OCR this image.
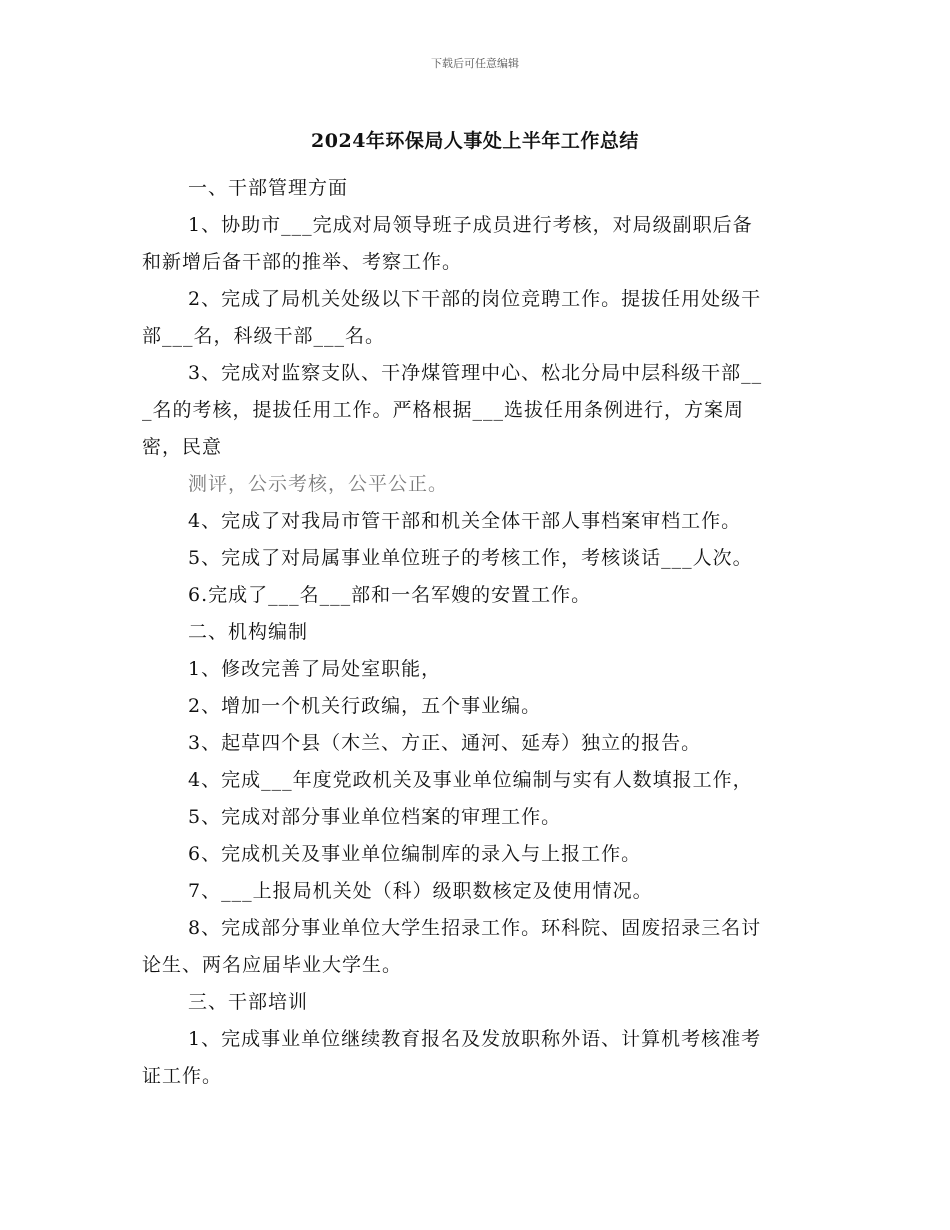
下载后可任意编辑
2024年环保局人事处上半年工作总结
一、干部管理方面
1、协助市___完成对局领导班子成员进行考核，对局级副职后备
和新增后备干部的推举、考察工作。
2、完成了局机关处级以下干部的岗位竞聘工作。提拔任用处级干
部___名，科级干部___名。
3、完成对监察支队、干净煤管理中心、松北分局中层科级干部__
_名的考核，提拔任用工作。严格根据___选拔任用条例进行，方案周
密，民意
测评，公示考核，公平公正。
4、完成了对我局市管干部和机关全体干部人事档案审档工作。
5、完成了对局属事业单位班子的考核工作，考核谈话___人次。
6.完成了___名___部和一名军嫂的安置工作。
二、机构编制
1、修改完善了局处室职能，
2、增加一个机关行政编，五个事业编。
3、起草四个县（木兰、方正、通河、延寿）独立的报告。
4、完成___年度党政机关及事业单位编制与实有人数填报工作，
5、完成对部分事业单位档案的审理工作。
6、完成机关及事业单位编制库的录入与上报工作。
7、___上报局机关处（科）级职数核定及使用情况。
8、完成部分事业单位大学生招录工作。环科院、固废招录三名讨
论生、两名应届毕业大学生。
三、干部培训
1、完成事业单位继续教育报名及发放职称外语、计算机考核准考
证工作。
